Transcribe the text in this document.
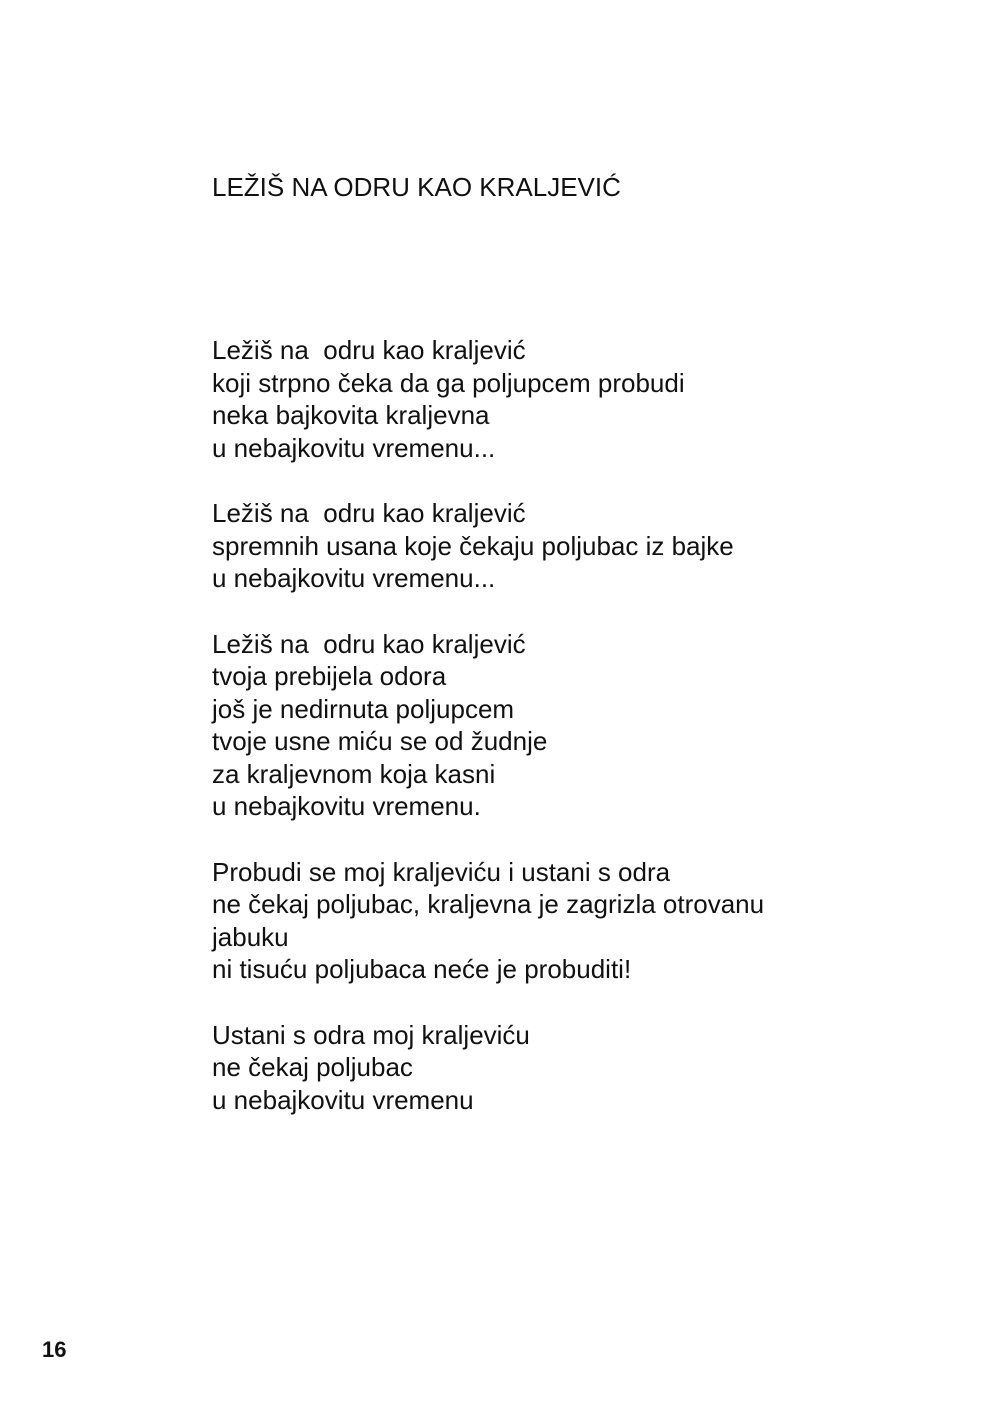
LEŽIŠ NA ODRU KAO KRALJEVIĆ
Ležiš na  odru kao kraljević
koji strpno čeka da ga poljupcem probudi
neka bajkovita kraljevna
u nebajkovitu vremenu...
Ležiš na  odru kao kraljević
spremnih usana koje čekaju poljubac iz bajke
u nebajkovitu vremenu...
Ležiš na  odru kao kraljević
tvoja prebijela odora
još je nedirnuta poljupcem
tvoje usne miću se od žudnje
za kraljevnom koja kasni
u nebajkovitu vremenu.
Probudi se moj kraljeviću i ustani s odra
ne čekaj poljubac, kraljevna je zagrizla otrovanu
jabuku
ni tisuću poljubaca neće je probuditi!
Ustani s odra moj kraljeviću
ne čekaj poljubac
u nebajkovitu vremenu
16
